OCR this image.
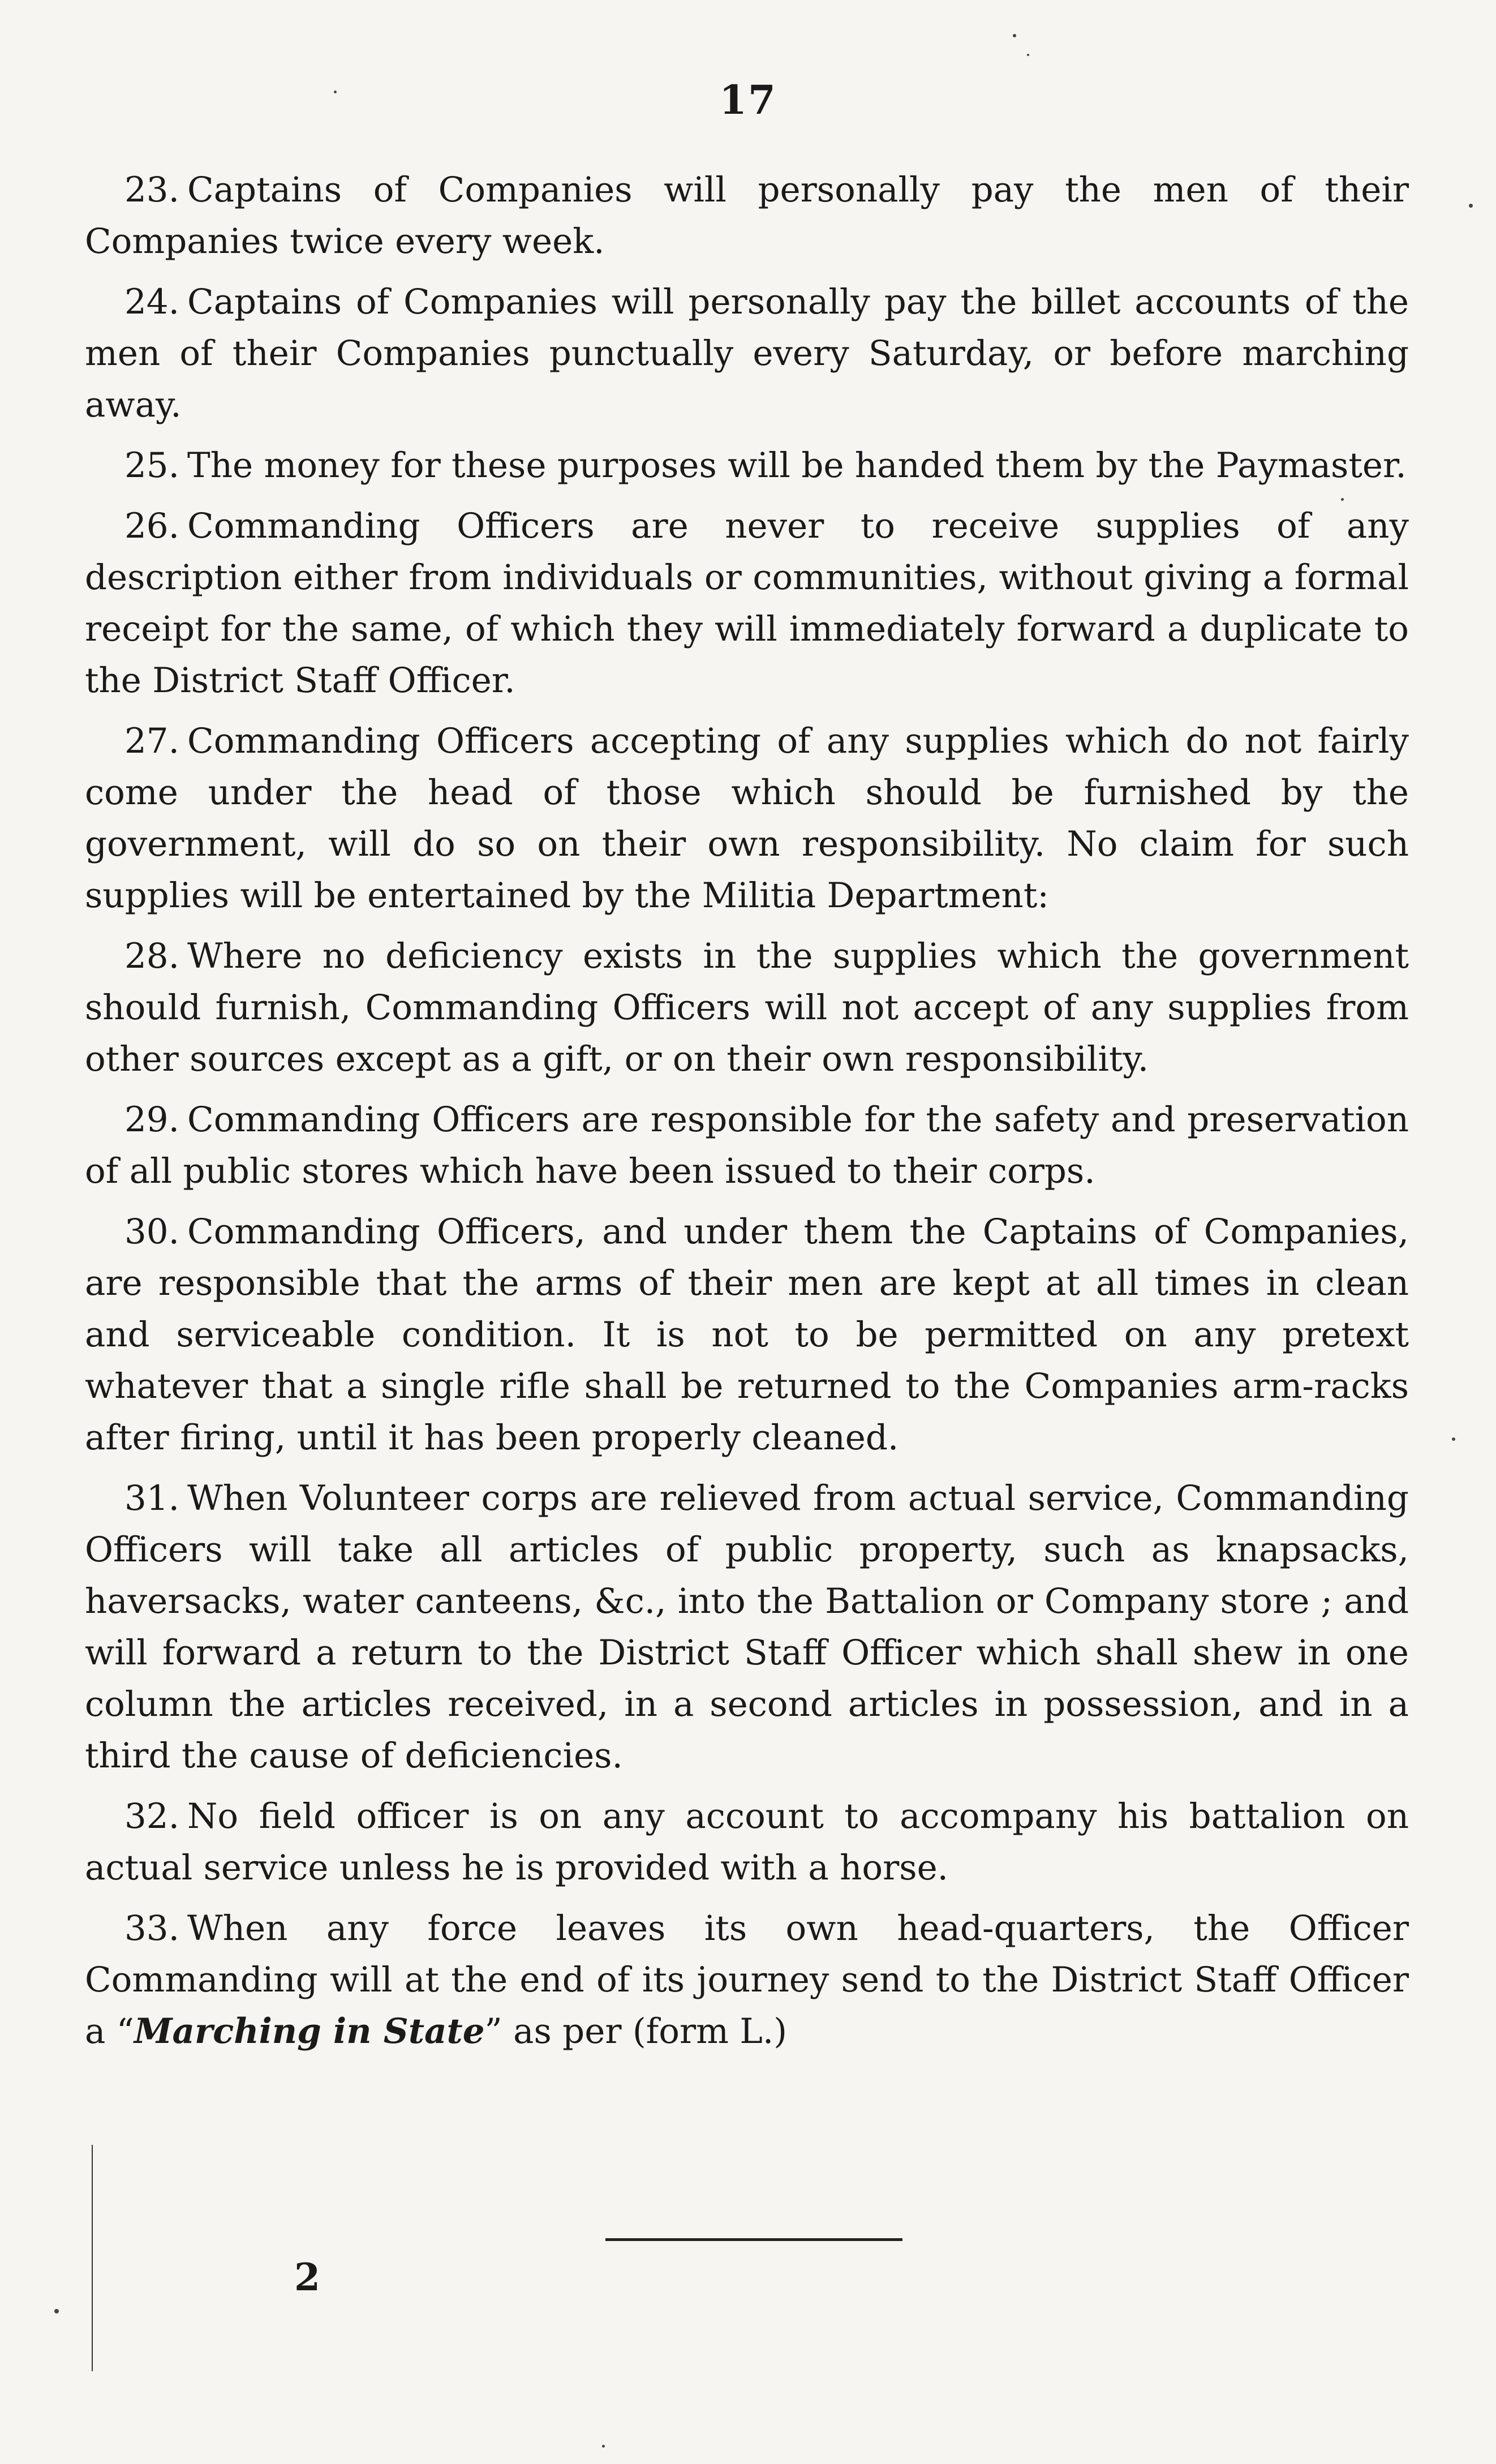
17

23. Captains of Companies will personally pay the men of their Companies twice every week.

24. Captains of Companies will personally pay the billet accounts of the men of their Companies punctually every Saturday, or before marching away.

25. The money for these purposes will be handed them by the Paymaster.

26. Commanding Officers are never to receive supplies of any description either from individuals or communities, without giving a formal receipt for the same, of which they will immediately forward a duplicate to the District Staff Officer.

27. Commanding Officers accepting of any supplies which do not fairly come under the head of those which should be furnished by the government, will do so on their own responsibility. No claim for such supplies will be entertained by the Militia Department:

28. Where no deficiency exists in the supplies which the government should furnish, Commanding Officers will not accept of any supplies from other sources except as a gift, or on their own responsibility.

29. Commanding Officers are responsible for the safety and preservation of all public stores which have been issued to their corps.

30. Commanding Officers, and under them the Captains of Companies, are responsible that the arms of their men are kept at all times in clean and serviceable condition. It is not to be permitted on any pretext whatever that a single rifle shall be returned to the Companies arm-racks after firing, until it has been properly cleaned.

31. When Volunteer corps are relieved from actual service, Commanding Officers will take all articles of public property, such as knapsacks, haversacks, water canteens, &c., into the Battalion or Company store ; and will forward a return to the District Staff Officer which shall shew in one column the articles received, in a second articles in possession, and in a third the cause of deficiencies.

32. No field officer is on any account to accompany his battalion on actual service unless he is provided with a horse.

33. When any force leaves its own head-quarters, the Officer Commanding will at the end of its journey send to the District Staff Officer a “Marching in State” as per (form L.)

2
